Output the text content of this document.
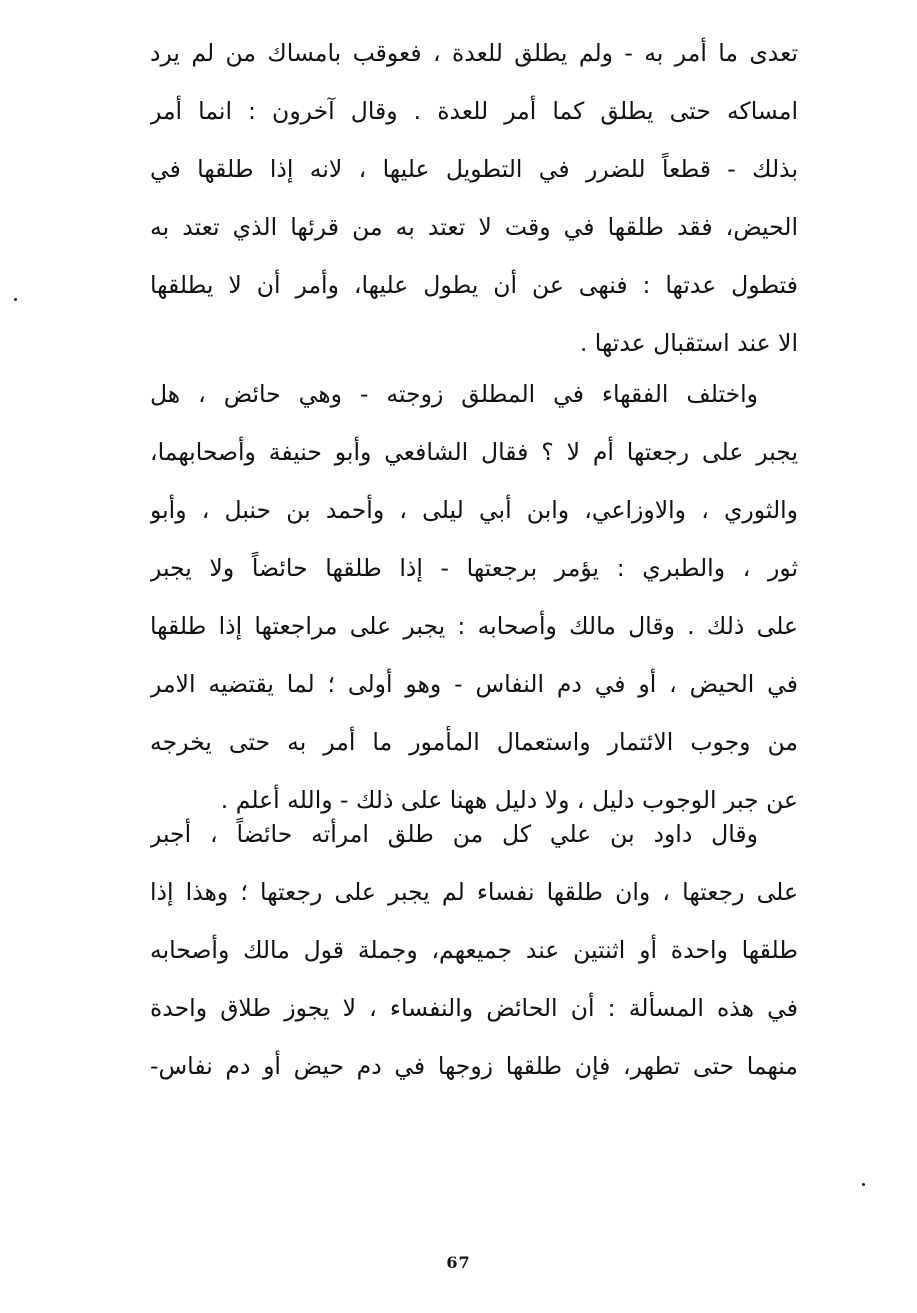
تعدى ما أمر به - ولم يطلق للعدة ، فعوقب بامساك من لم يرد
امساكه حتى يطلق كما أمر للعدة . وقال آخرون : انما أمر
بذلك - قطعاً للضرر في التطويل عليها ، لانه إذا طلقها في
الحيض، فقد طلقها في وقت لا تعتد به من قرئها الذي تعتد به
فتطول عدتها : فنهى عن أن يطول عليها، وأمر أن لا يطلقها
الا عند استقبال عدتها .
واختلف الفقهاء في المطلق زوجته - وهي حائض ، هل
يجبر على رجعتها أم لا ؟ فقال الشافعي وأبو حنيفة وأصحابهما،
والثوري ، والاوزاعي، وابن أبي ليلى ، وأحمد بن حنبل ، وأبو
ثور ، والطبري : يؤمر برجعتها - إذا طلقها حائضاً ولا يجبر
على ذلك . وقال مالك وأصحابه : يجبر على مراجعتها إذا طلقها
في الحيض ، أو في دم النفاس - وهو أولى ؛ لما يقتضيه الامر
من وجوب الائتمار واستعمال المأمور ما أمر به حتى يخرجه
عن جبر الوجوب دليل ، ولا دليل ههنا على ذلك - والله أعلم .
وقال داود بن علي كل من طلق امرأته حائضاً ، أجبر
على رجعتها ، وان طلقها نفساء لم يجبر على رجعتها ؛ وهذا إذا
طلقها واحدة أو اثنتين عند جميعهم، وجملة قول مالك وأصحابه
في هذه المسألة : أن الحائض والنفساء ، لا يجوز طلاق واحدة
منهما حتى تطهر، فإن طلقها زوجها في دم حيض أو دم نفاس-
67
